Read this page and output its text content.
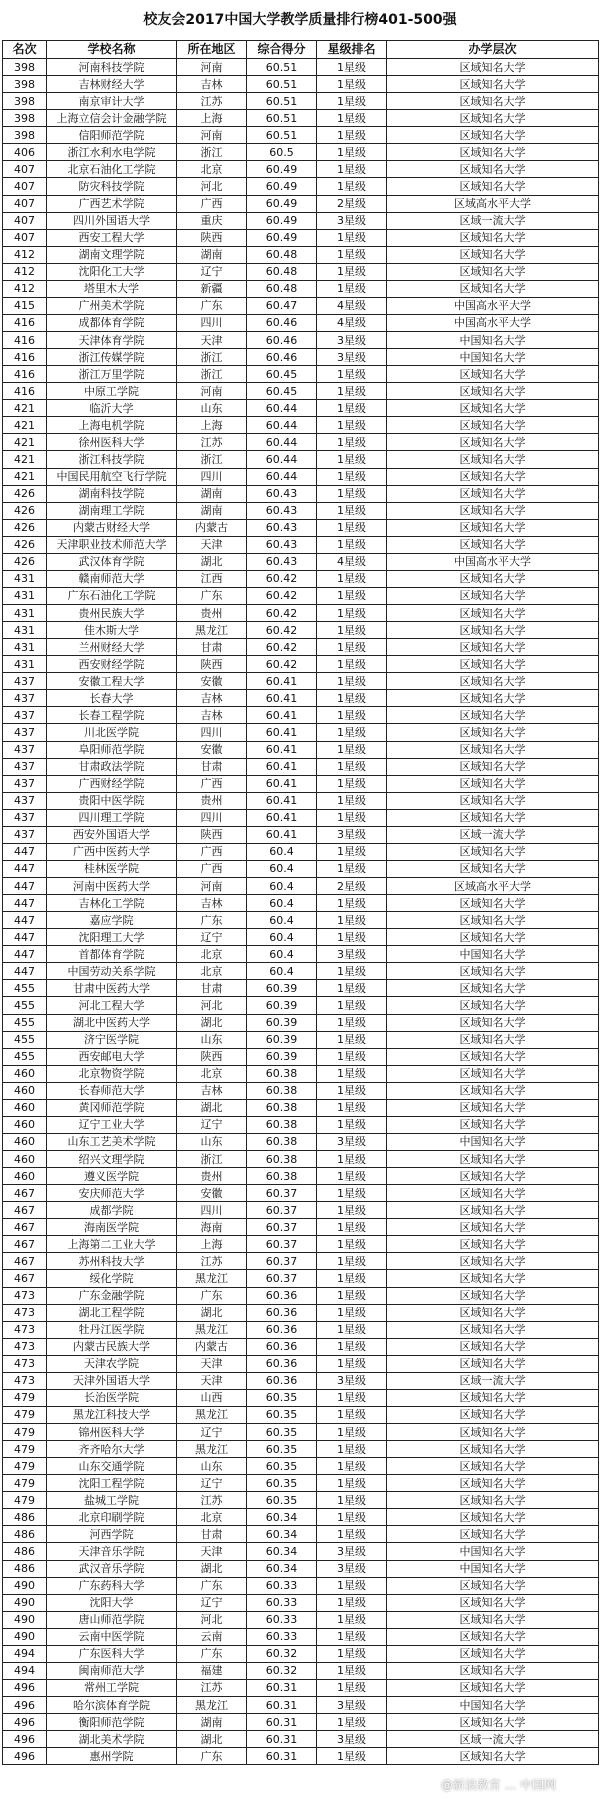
校友会2017中国大学教学质量排行榜401-500强
名次	学校名称	所在地区	综合得分	星级排名	办学层次
398	河南科技学院	河南	60.51	1星级	区域知名大学
398	吉林财经大学	吉林	60.51	1星级	区域知名大学
398	南京审计大学	江苏	60.51	1星级	区域知名大学
398	上海立信会计金融学院	上海	60.51	1星级	区域知名大学
398	信阳师范学院	河南	60.51	1星级	区域知名大学
406	浙江水利水电学院	浙江	60.5	1星级	区域知名大学
407	北京石油化工学院	北京	60.49	1星级	区域知名大学
407	防灾科技学院	河北	60.49	1星级	区域知名大学
407	广西艺术学院	广西	60.49	2星级	区域高水平大学
407	四川外国语大学	重庆	60.49	3星级	区域一流大学
407	西安工程大学	陕西	60.49	1星级	区域知名大学
412	湖南文理学院	湖南	60.48	1星级	区域知名大学
412	沈阳化工大学	辽宁	60.48	1星级	区域知名大学
412	塔里木大学	新疆	60.48	1星级	区域知名大学
415	广州美术学院	广东	60.47	4星级	中国高水平大学
416	成都体育学院	四川	60.46	4星级	中国高水平大学
416	天津体育学院	天津	60.46	3星级	中国知名大学
416	浙江传媒学院	浙江	60.46	3星级	中国知名大学
416	浙江万里学院	浙江	60.45	1星级	区域知名大学
416	中原工学院	河南	60.45	1星级	区域知名大学
421	临沂大学	山东	60.44	1星级	区域知名大学
421	上海电机学院	上海	60.44	1星级	区域知名大学
421	徐州医科大学	江苏	60.44	1星级	区域知名大学
421	浙江科技学院	浙江	60.44	1星级	区域知名大学
421	中国民用航空飞行学院	四川	60.44	1星级	区域知名大学
426	湖南科技学院	湖南	60.43	1星级	区域知名大学
426	湖南理工学院	湖南	60.43	1星级	区域知名大学
426	内蒙古财经大学	内蒙古	60.43	1星级	区域知名大学
426	天津职业技术师范大学	天津	60.43	1星级	区域知名大学
426	武汉体育学院	湖北	60.43	4星级	中国高水平大学
431	赣南师范大学	江西	60.42	1星级	区域知名大学
431	广东石油化工学院	广东	60.42	1星级	区域知名大学
431	贵州民族大学	贵州	60.42	1星级	区域知名大学
431	佳木斯大学	黑龙江	60.42	1星级	区域知名大学
431	兰州财经大学	甘肃	60.42	1星级	区域知名大学
431	西安财经学院	陕西	60.42	1星级	区域知名大学
437	安徽工程大学	安徽	60.41	1星级	区域知名大学
437	长春大学	吉林	60.41	1星级	区域知名大学
437	长春工程学院	吉林	60.41	1星级	区域知名大学
437	川北医学院	四川	60.41	1星级	区域知名大学
437	阜阳师范学院	安徽	60.41	1星级	区域知名大学
437	甘肃政法学院	甘肃	60.41	1星级	区域知名大学
437	广西财经学院	广西	60.41	1星级	区域知名大学
437	贵阳中医学院	贵州	60.41	1星级	区域知名大学
437	四川理工学院	四川	60.41	1星级	区域知名大学
437	西安外国语大学	陕西	60.41	3星级	区域一流大学
447	广西中医药大学	广西	60.4	1星级	区域知名大学
447	桂林医学院	广西	60.4	1星级	区域知名大学
447	河南中医药大学	河南	60.4	2星级	区域高水平大学
447	吉林化工学院	吉林	60.4	1星级	区域知名大学
447	嘉应学院	广东	60.4	1星级	区域知名大学
447	沈阳理工大学	辽宁	60.4	1星级	区域知名大学
447	首都体育学院	北京	60.4	3星级	中国知名大学
447	中国劳动关系学院	北京	60.4	1星级	区域知名大学
455	甘肃中医药大学	甘肃	60.39	1星级	区域知名大学
455	河北工程大学	河北	60.39	1星级	区域知名大学
455	湖北中医药大学	湖北	60.39	1星级	区域知名大学
455	济宁医学院	山东	60.39	1星级	区域知名大学
455	西安邮电大学	陕西	60.39	1星级	区域知名大学
460	北京物资学院	北京	60.38	1星级	区域知名大学
460	长春师范大学	吉林	60.38	1星级	区域知名大学
460	黄冈师范学院	湖北	60.38	1星级	区域知名大学
460	辽宁工业大学	辽宁	60.38	1星级	区域知名大学
460	山东工艺美术学院	山东	60.38	3星级	中国知名大学
460	绍兴文理学院	浙江	60.38	1星级	区域知名大学
460	遵义医学院	贵州	60.38	1星级	区域知名大学
467	安庆师范大学	安徽	60.37	1星级	区域知名大学
467	成都学院	四川	60.37	1星级	区域知名大学
467	海南医学院	海南	60.37	1星级	区域知名大学
467	上海第二工业大学	上海	60.37	1星级	区域知名大学
467	苏州科技大学	江苏	60.37	1星级	区域知名大学
467	绥化学院	黑龙江	60.37	1星级	区域知名大学
473	广东金融学院	广东	60.36	1星级	区域知名大学
473	湖北工程学院	湖北	60.36	1星级	区域知名大学
473	牡丹江医学院	黑龙江	60.36	1星级	区域知名大学
473	内蒙古民族大学	内蒙古	60.36	1星级	区域知名大学
473	天津农学院	天津	60.36	1星级	区域知名大学
473	天津外国语大学	天津	60.36	3星级	区域一流大学
479	长治医学院	山西	60.35	1星级	区域知名大学
479	黑龙江科技大学	黑龙江	60.35	1星级	区域知名大学
479	锦州医科大学	辽宁	60.35	1星级	区域知名大学
479	齐齐哈尔大学	黑龙江	60.35	1星级	区域知名大学
479	山东交通学院	山东	60.35	1星级	区域知名大学
479	沈阳工程学院	辽宁	60.35	1星级	区域知名大学
479	盐城工学院	江苏	60.35	1星级	区域知名大学
486	北京印刷学院	北京	60.34	1星级	区域知名大学
486	河西学院	甘肃	60.34	1星级	区域知名大学
486	天津音乐学院	天津	60.34	3星级	中国知名大学
486	武汉音乐学院	湖北	60.34	3星级	中国知名大学
490	广东药科大学	广东	60.33	1星级	区域知名大学
490	沈阳大学	辽宁	60.33	1星级	区域知名大学
490	唐山师范学院	河北	60.33	1星级	区域知名大学
490	云南中医学院	云南	60.33	1星级	区域知名大学
494	广东医科大学	广东	60.32	1星级	区域知名大学
494	闽南师范大学	福建	60.32	1星级	区域知名大学
496	常州工学院	江苏	60.31	1星级	区域知名大学
496	哈尔滨体育学院	黑龙江	60.31	3星级	中国知名大学
496	衡阳师范学院	湖南	60.31	1星级	区域知名大学
496	湖北美术学院	湖北	60.31	3星级	区域一流大学
496	惠州学院	广东	60.31	1星级	区域知名大学
@新浪教育 ... 中国网
